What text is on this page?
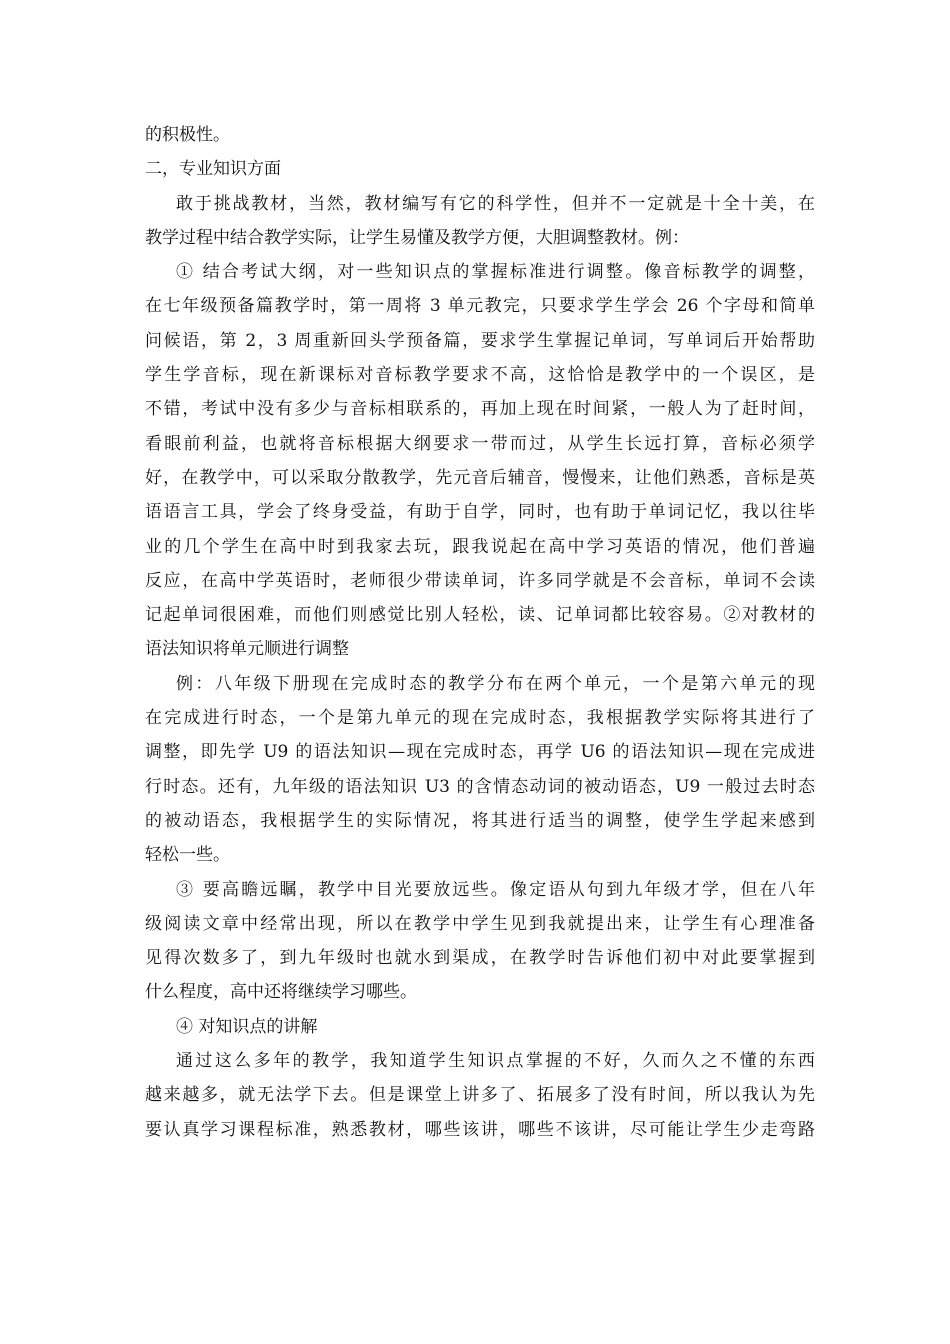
的积极性。
二，专业知识方面
敢于挑战教材，当然，教材编写有它的科学性，但并不一定就是十全十美，在
教学过程中结合教学实际，让学生易懂及教学方便，大胆调整教材。例：
① 结合考试大纲，对一些知识点的掌握标准进行调整。像音标教学的调整，
在七年级预备篇教学时，第一周将 3 单元教完，只要求学生学会 26 个字母和简单
问候语，第 2，3 周重新回头学预备篇，要求学生掌握记单词，写单词后开始帮助
学生学音标，现在新课标对音标教学要求不高，这恰恰是教学中的一个误区，是
不错，考试中没有多少与音标相联系的，再加上现在时间紧，一般人为了赶时间，
看眼前利益，也就将音标根据大纲要求一带而过，从学生长远打算，音标必须学
好，在教学中，可以采取分散教学，先元音后辅音，慢慢来，让他们熟悉，音标是英
语语言工具，学会了终身受益，有助于自学，同时，也有助于单词记忆，我以往毕
业的几个学生在高中时到我家去玩，跟我说起在高中学习英语的情况，他们普遍
反应，在高中学英语时，老师很少带读单词，许多同学就是不会音标，单词不会读
记起单词很困难，而他们则感觉比别人轻松，读、记单词都比较容易。②对教材的
语法知识将单元顺进行调整
例：八年级下册现在完成时态的教学分布在两个单元，一个是第六单元的现
在完成进行时态，一个是第九单元的现在完成时态，我根据教学实际将其进行了
调整，即先学 U9 的语法知识—现在完成时态，再学 U6 的语法知识—现在完成进
行时态。还有，九年级的语法知识 U3 的含情态动词的被动语态，U9 一般过去时态
的被动语态，我根据学生的实际情况，将其进行适当的调整，使学生学起来感到
轻松一些。
③ 要高瞻远瞩，教学中目光要放远些。像定语从句到九年级才学，但在八年
级阅读文章中经常出现，所以在教学中学生见到我就提出来，让学生有心理准备
见得次数多了，到九年级时也就水到渠成，在教学时告诉他们初中对此要掌握到
什么程度，高中还将继续学习哪些。
④ 对知识点的讲解
通过这么多年的教学，我知道学生知识点掌握的不好，久而久之不懂的东西
越来越多，就无法学下去。但是课堂上讲多了、拓展多了没有时间，所以我认为先
要认真学习课程标准，熟悉教材，哪些该讲，哪些不该讲，尽可能让学生少走弯路
